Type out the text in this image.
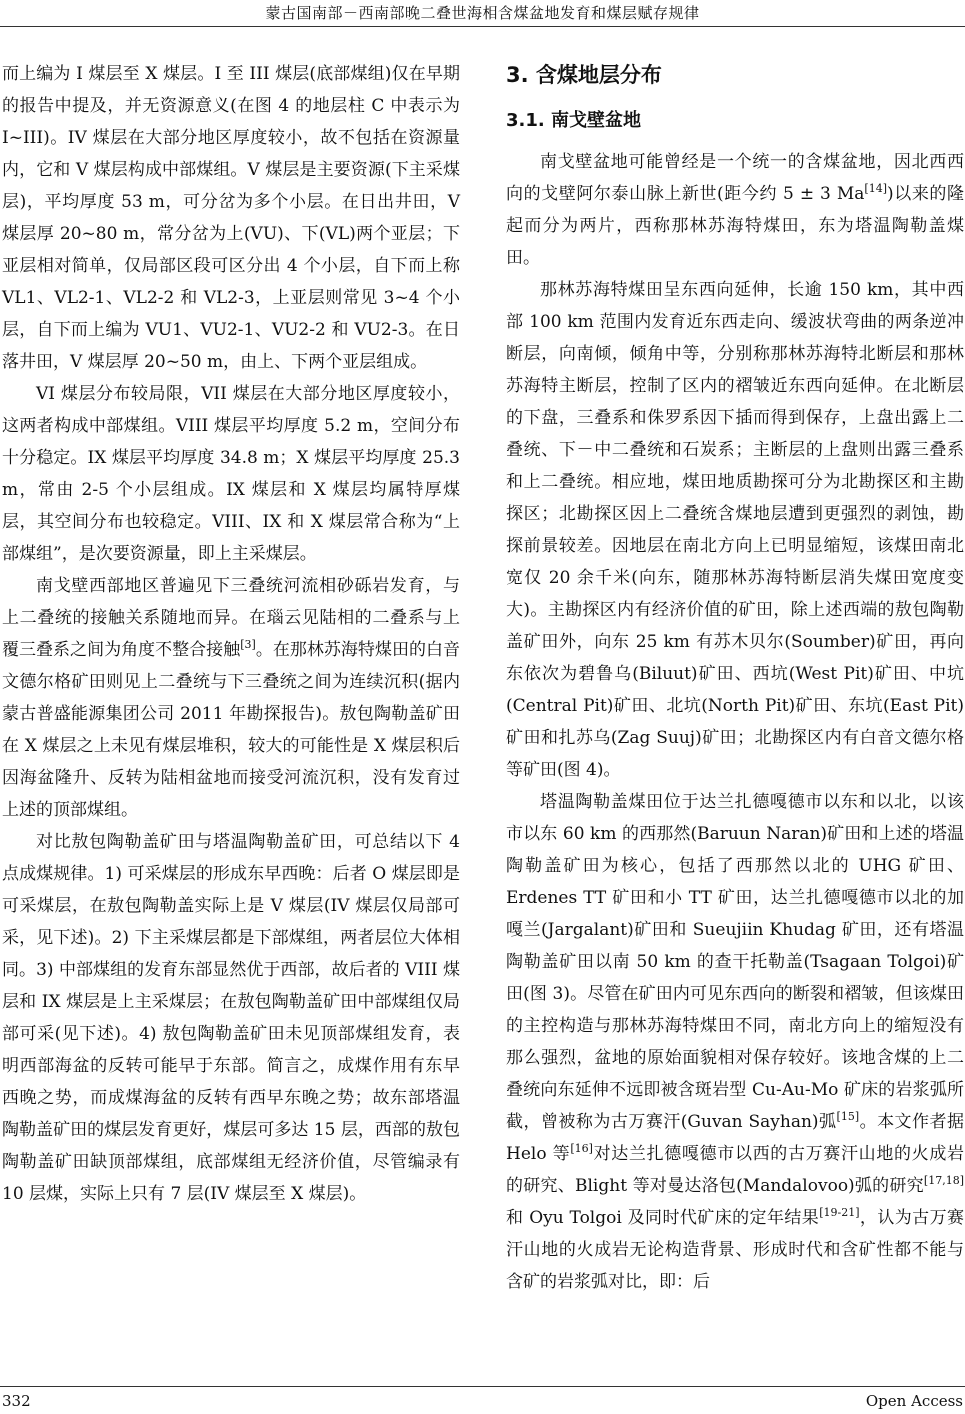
蒙古国南部－西南部晚二叠世海相含煤盆地发育和煤层赋存规律

而上编为 I 煤层至 X 煤层。I 至 III 煤层(底部煤组)仅在早期的报告中提及，并无资源意义(在图 4 的地层柱 C 中表示为 I~III)。IV 煤层在大部分地区厚度较小，故不包括在资源量内，它和 V 煤层构成中部煤组。V 煤层是主要资源(下主采煤层)，平均厚度 53 m，可分岔为多个小层。在日出井田，V 煤层厚 20~80 m，常分岔为上(VU)、下(VL)两个亚层；下亚层相对简单，仅局部区段可区分出 4 个小层，自下而上称 VL1、VL2-1、VL2-2 和 VL2-3，上亚层则常见 3~4 个小层，自下而上编为 VU1、VU2-1、VU2-2 和 VU2-3。在日落井田，V 煤层厚 20~50 m，由上、下两个亚层组成。

VI 煤层分布较局限，VII 煤层在大部分地区厚度较小，这两者构成中部煤组。VIII 煤层平均厚度 5.2 m，空间分布十分稳定。IX 煤层平均厚度 34.8 m；X 煤层平均厚度 25.3 m，常由 2-5 个小层组成。IX 煤层和 X 煤层均属特厚煤层，其空间分布也较稳定。VIII、IX 和 X 煤层常合称为“上部煤组”，是次要资源量，即上主采煤层。

南戈壁西部地区普遍见下三叠统河流相砂砾岩发育，与上二叠统的接触关系随地而异。在瑙云见陆相的二叠系与上覆三叠系之间为角度不整合接触[3]。在那林苏海特煤田的白音文德尔格矿田则见上二叠统与下三叠统之间为连续沉积(据内蒙古普盛能源集团公司 2011 年勘探报告)。敖包陶勒盖矿田在 X 煤层之上未见有煤层堆积，较大的可能性是 X 煤层积后因海盆隆升、反转为陆相盆地而接受河流沉积，没有发育过上述的顶部煤组。

对比敖包陶勒盖矿田与塔温陶勒盖矿田，可总结以下 4 点成煤规律。1) 可采煤层的形成东早西晚：后者 O 煤层即是可采煤层，在敖包陶勒盖实际上是 V 煤层(IV 煤层仅局部可采，见下述)。2) 下主采煤层都是下部煤组，两者层位大体相同。3) 中部煤组的发育东部显然优于西部，故后者的 VIII 煤层和 IX 煤层是上主采煤层；在敖包陶勒盖矿田中部煤组仅局部可采(见下述)。4) 敖包陶勒盖矿田未见顶部煤组发育，表明西部海盆的反转可能早于东部。简言之，成煤作用有东早西晚之势，而成煤海盆的反转有西早东晚之势；故东部塔温陶勒盖矿田的煤层发育更好，煤层可多达 15 层，西部的敖包陶勒盖矿田缺顶部煤组，底部煤组无经济价值，尽管编录有 10 层煤，实际上只有 7 层(IV 煤层至 X 煤层)。

3. 含煤地层分布
3.1. 南戈壁盆地

南戈壁盆地可能曾经是一个统一的含煤盆地，因北西西向的戈壁阿尔泰山脉上新世(距今约 5 ± 3 Ma[14])以来的隆起而分为两片，西称那林苏海特煤田，东为塔温陶勒盖煤田。

那林苏海特煤田呈东西向延伸，长逾 150 km，其中西部 100 km 范围内发育近东西走向、缓波状弯曲的两条逆冲断层，向南倾，倾角中等，分别称那林苏海特北断层和那林苏海特主断层，控制了区内的褶皱近东西向延伸。在北断层的下盘，三叠系和侏罗系因下插而得到保存，上盘出露上二叠统、下－中二叠统和石炭系；主断层的上盘则出露三叠系和上二叠统。相应地，煤田地质勘探可分为北勘探区和主勘探区；北勘探区因上二叠统含煤地层遭到更强烈的剥蚀，勘探前景较差。因地层在南北方向上已明显缩短，该煤田南北宽仅 20 余千米(向东，随那林苏海特断层消失煤田宽度变大)。主勘探区内有经济价值的矿田，除上述西端的敖包陶勒盖矿田外，向东 25 km 有苏木贝尔(Soumber)矿田，再向东依次为碧鲁乌(Biluut)矿田、西坑(West Pit)矿田、中坑(Central Pit)矿田、北坑(North Pit)矿田、东坑(East Pit)矿田和扎苏乌(Zag Suuj)矿田；北勘探区内有白音文德尔格等矿田(图 4)。

塔温陶勒盖煤田位于达兰扎德嘎德市以东和以北，以该市以东 60 km 的西那然(Baruun Naran)矿田和上述的塔温陶勒盖矿田为核心，包括了西那然以北的 UHG 矿田、Erdenes TT 矿田和小 TT 矿田，达兰扎德嘎德市以北的加嘎兰(Jargalant)矿田和 Sueujiin Khudag 矿田，还有塔温陶勒盖矿田以南 50 km 的查干托勒盖(Tsagaan Tolgoi)矿田(图 3)。尽管在矿田内可见东西向的断裂和褶皱，但该煤田的主控构造与那林苏海特煤田不同，南北方向上的缩短没有那么强烈，盆地的原始面貌相对保存较好。该地含煤的上二叠统向东延伸不远即被含斑岩型 Cu-Au-Mo 矿床的岩浆弧所截，曾被称为古万赛汗(Guvan Sayhan)弧[15]。本文作者据 Helo 等[16]对达兰扎德嘎德市以西的古万赛汗山地的火成岩的研究、Blight 等对曼达洛包(Mandalovoo)弧的研究[17,18]和 Oyu Tolgoi 及同时代矿床的定年结果[19-21]，认为古万赛汗山地的火成岩无论构造背景、形成时代和含矿性都不能与含矿的岩浆弧对比，即：后

332	Open Access
